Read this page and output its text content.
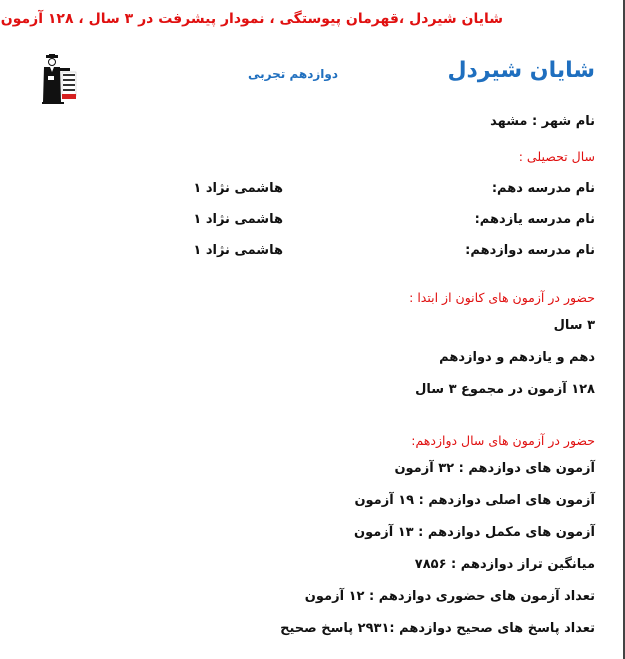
شایان شیردل ،قهرمان پیوستگی ، نمودار پیشرفت در ۳ سال ، ۱۲۸ آزمون
شایان شیردل
دوازدهم تجربی
نام شهر : مشهد
سال تحصیلی :
نام مدرسه دهم:
هاشمی نژاد ۱
نام مدرسه یازدهم:
هاشمی نژاد ۱
نام مدرسه دوازدهم:
هاشمی نژاد ۱
حضور در آزمون های کانون از ابتدا :
۳ سال
دهم و یازدهم و دوازدهم
۱۲۸ آزمون در مجموع ۳ سال
حضور در آزمون های سال دوازدهم:
آزمون های دوازدهم : ۳۲ آزمون
آزمون های اصلی دوازدهم : ۱۹ آزمون
آزمون های مکمل دوازدهم : ۱۳ آزمون
میانگین تراز دوازدهم : ۷۸۵۶
تعداد آزمون های حضوری دوازدهم : ۱۲ آزمون
تعداد پاسخ های صحیح دوازدهم :۲۹۳۱ پاسخ صحیح
